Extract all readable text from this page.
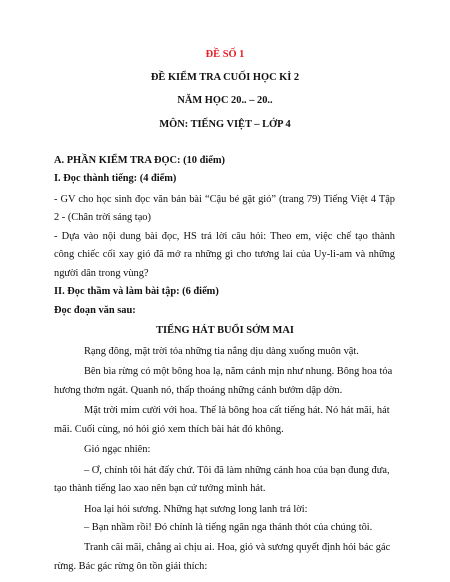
ĐỀ SỐ 1

ĐỀ KIỂM TRA CUỐI HỌC KÌ 2

NĂM HỌC 20.. – 20..

MÔN: TIẾNG VIỆT – LỚP 4

A. PHẦN KIỂM TRA ĐỌC: (10 điểm)

I. Đọc thành tiếng: (4 điểm)

- GV cho học sinh đọc văn bản bài “Cậu bé gặt gió” (trang 79) Tiếng Việt 4 Tập

2 - (Chân trời sáng tạo)

- Dựa vào nội dung bài đọc, HS trả lời câu hỏi: Theo em, việc chế tạo thành

công chiếc cối xay gió đã mở ra những gì cho tương lai của Uy-li-am và những

người dân trong vùng?

II. Đọc thầm và làm bài tập: (6 điểm)

Đọc đoạn văn sau:

TIẾNG HÁT BUỔI SỚM MAI

Rạng đông, mặt trời tỏa những tia nắng dịu dàng xuống muôn vật.

Bên bìa rừng có một bông hoa lạ, năm cánh mịn như nhung. Bông hoa tỏa

hương thơm ngát. Quanh nó, thấp thoáng những cánh bướm dập dờn.

Mặt trời mỉm cười với hoa. Thế là bông hoa cất tiếng hát. Nó hát mãi, hát

mãi. Cuối cùng, nó hỏi gió xem thích bài hát đó không.

Gió ngạc nhiên:

– Ơ, chính tôi hát đấy chứ. Tôi đã làm những cánh hoa của bạn đung đưa,

tạo thành tiếng lao xao nên bạn cứ tưởng mình hát.

Hoa lại hỏi sương. Những hạt sương long lanh trả lời:

– Bạn nhầm rồi! Đó chính là tiếng ngân nga thánh thót của chúng tôi.

Tranh cãi mãi, chẳng ai chịu ai. Hoa, gió và sương quyết định hỏi bác gác

rừng. Bác gác rừng ôn tồn giải thích:
